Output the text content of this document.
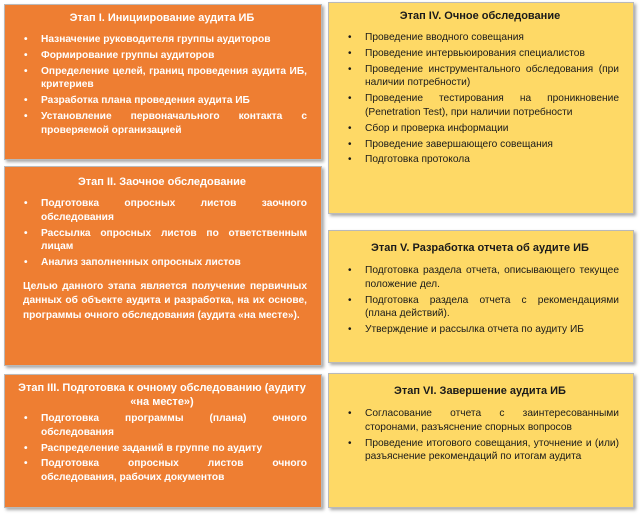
Этап I. Инициирование аудита ИБ
• Назначение руководителя группы аудиторов
• Формирование группы аудиторов
• Определение целей, границ проведения аудита ИБ, критериев
• Разработка плана проведения аудита ИБ
• Установление первоначального контакта с проверяемой организацией
Этап II. Заочное обследование
• Подготовка опросных листов заочного обследования
• Рассылка опросных листов по ответственным лицам
• Анализ заполненных опросных листов
Целью данного этапа является получение первичных данных об объекте аудита и разработка, на их основе, программы очного обследования (аудита «на месте»).
Этап III. Подготовка к очному обследованию (аудиту «на месте»)
• Подготовка программы (плана) очного обследования
• Распределение заданий в группе по аудиту
• Подготовка опросных листов очного обследования, рабочих документов
Этап IV. Очное обследование
• Проведение вводного совещания
• Проведение интервьюирования специалистов
• Проведение инструментального обследования (при наличии потребности)
• Проведение тестирования на проникновение (Penetration Test), при наличии потребности
• Сбор и проверка информации
• Проведение завершающего совещания
• Подготовка протокола
Этап V. Разработка отчета об аудите ИБ
• Подготовка раздела отчета, описывающего текущее положение дел.
• Подготовка раздела отчета с рекомендациями (плана действий).
• Утверждение и рассылка отчета по аудиту ИБ
Этап VI. Завершение аудита ИБ
• Согласование отчета с заинтересованными сторонами, разъяснение спорных вопросов
• Проведение итогового совещания, уточнение и (или) разъяснение рекомендаций по итогам аудита
